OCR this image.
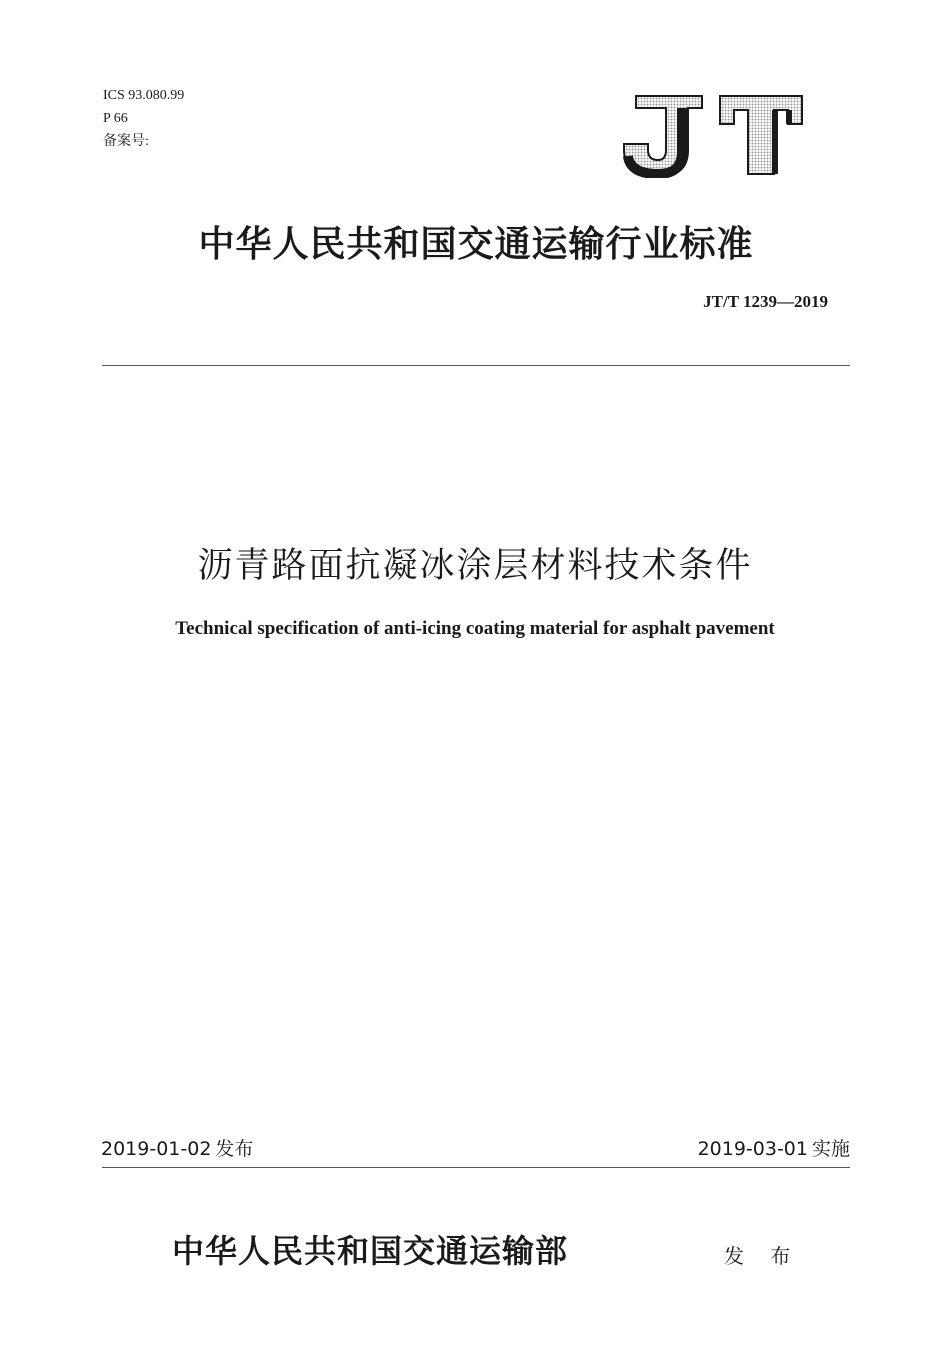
ICS 93.080.99
P 66
备案号:
中华人民共和国交通运输行业标准
JT/T 1239—2019
沥青路面抗凝冰涂层材料技术条件
Technical specification of anti-icing coating material for asphalt pavement
2019-01-02 发布	2019-03-01 实施
中华人民共和国交通运输部	发 布
